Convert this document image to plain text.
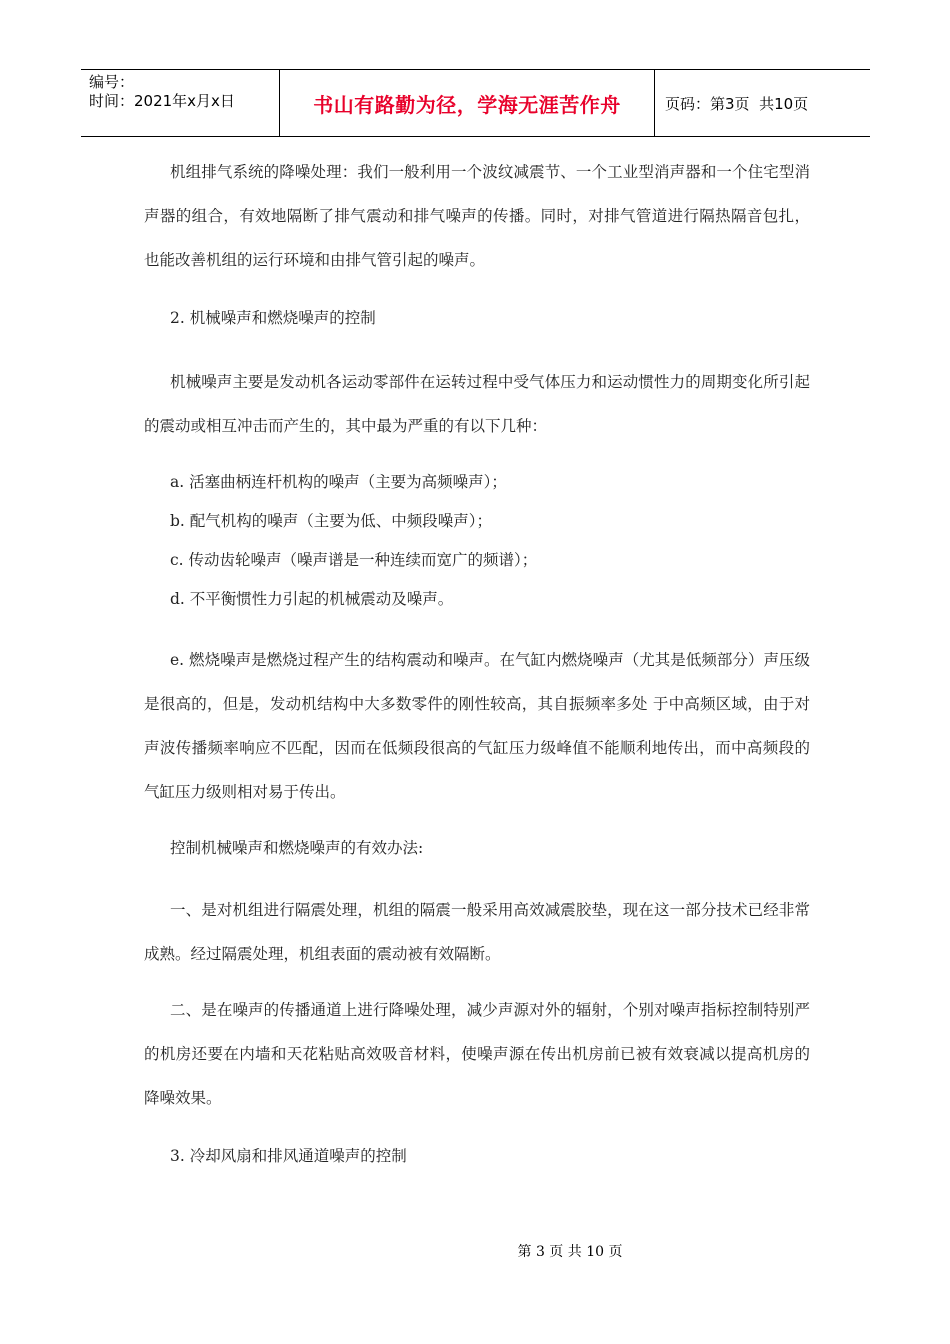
编号：
时间：2021年x月x日	书山有路勤为径，学海无涯苦作舟	页码：第3页  共10页

机组排气系统的降噪处理：我们一般利用一个波纹减震节、一个工业型消声器和一个住宅型消声器的组合，有效地隔断了排气震动和排气噪声的传播。同时，对排气管道进行隔热隔音包扎，也能改善机组的运行环境和由排气管引起的噪声。

2. 机械噪声和燃烧噪声的控制

机械噪声主要是发动机各运动零部件在运转过程中受气体压力和运动惯性力的周期变化所引起的震动或相互冲击而产生的，其中最为严重的有以下几种：

a. 活塞曲柄连杆机构的噪声（主要为高频噪声）；

b. 配气机构的噪声（主要为低、中频段噪声）；

c. 传动齿轮噪声（噪声谱是一种连续而宽广的频谱）；

d. 不平衡惯性力引起的机械震动及噪声。

e. 燃烧噪声是燃烧过程产生的结构震动和噪声。在气缸内燃烧噪声（尤其是低频部分）声压级是很高的，但是，发动机结构中大多数零件的刚性较高，其自振频率多处 于中高频区域，由于对声波传播频率响应不匹配，因而在低频段很高的气缸压力级峰值不能顺利地传出，而中高频段的气缸压力级则相对易于传出。

控制机械噪声和燃烧噪声的有效办法:

一、是对机组进行隔震处理，机组的隔震一般采用高效减震胶垫，现在这一部分技术已经非常成熟。经过隔震处理，机组表面的震动被有效隔断。

二、是在噪声的传播通道上进行降噪处理，减少声源对外的辐射，个别对噪声指标控制特别严的机房还要在内墙和天花粘贴高效吸音材料，使噪声源在传出机房前已被有效衰减以提高机房的降噪效果。

3. 冷却风扇和排风通道噪声的控制

第 3 页 共 10 页
